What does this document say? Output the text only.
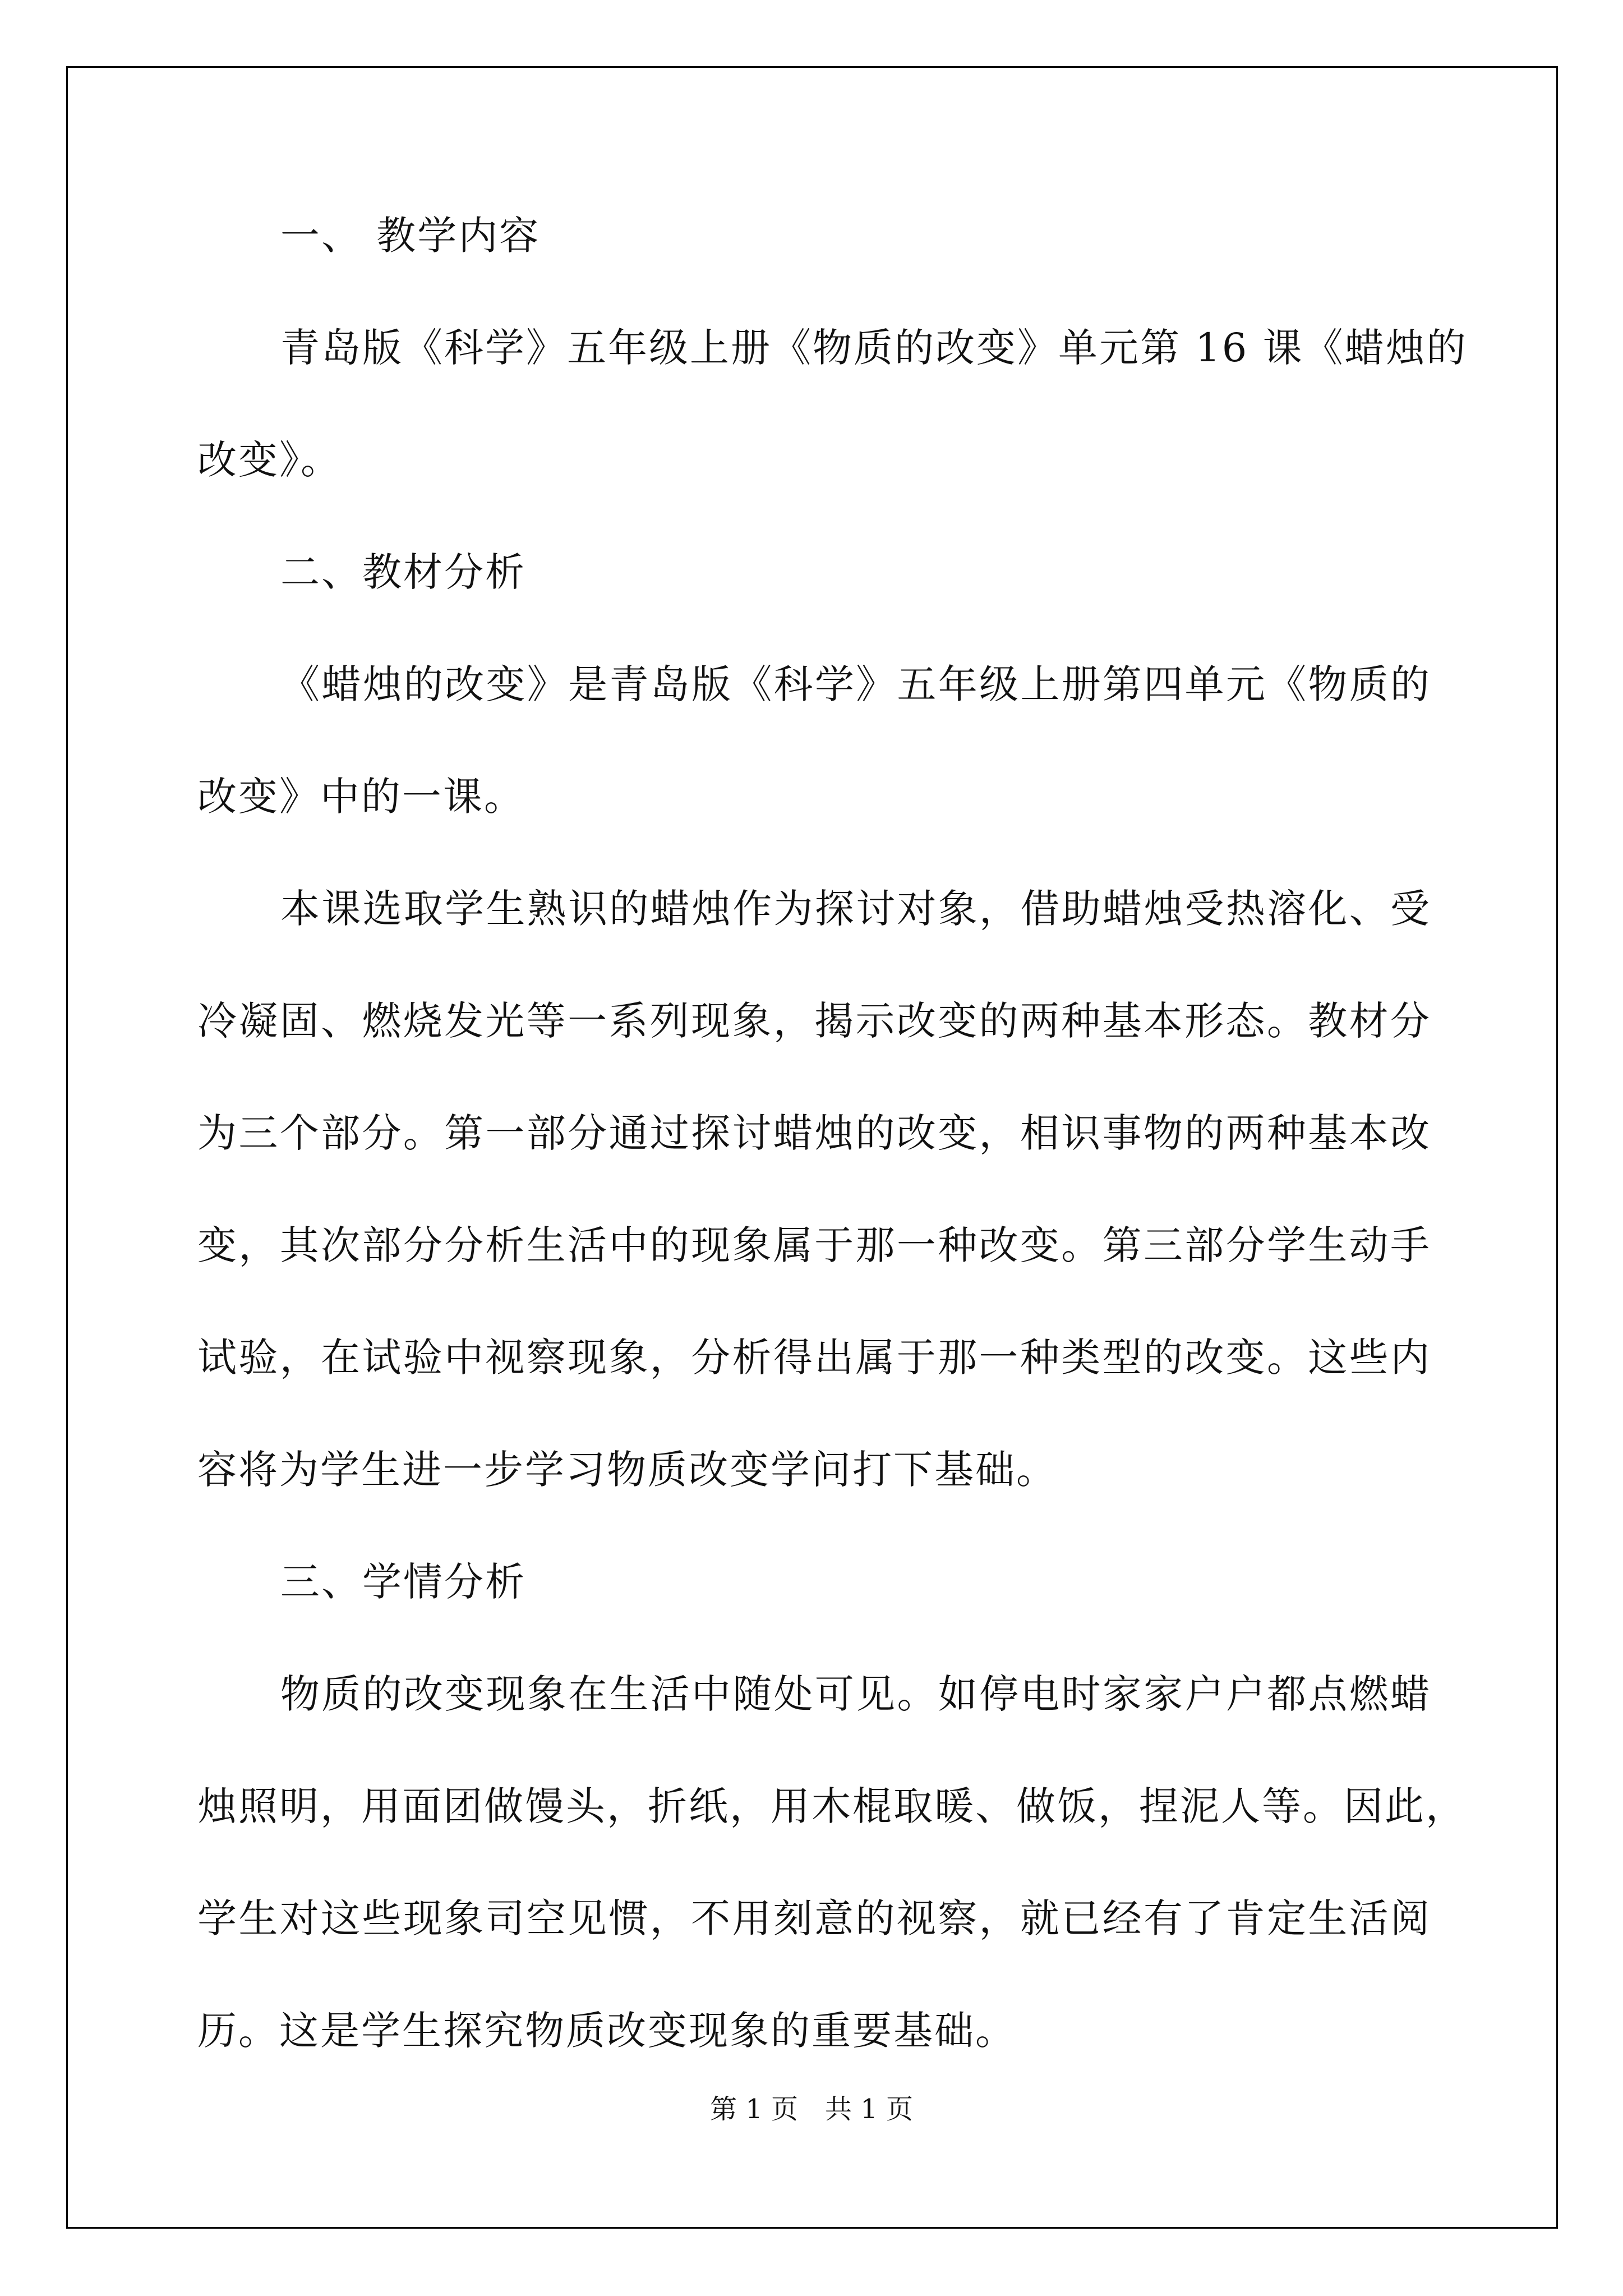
一、 教学内容
青岛版《科学》五年级上册《物质的改变》单元第 16 课《蜡烛的
改变》。
二、教材分析
《蜡烛的改变》是青岛版《科学》五年级上册第四单元《物质的
改变》中的一课。
本课选取学生熟识的蜡烛作为探讨对象，借助蜡烛受热溶化、受
冷凝固、燃烧发光等一系列现象，揭示改变的两种基本形态。教材分
为三个部分。第一部分通过探讨蜡烛的改变，相识事物的两种基本改
变，其次部分分析生活中的现象属于那一种改变。第三部分学生动手
试验，在试验中视察现象，分析得出属于那一种类型的改变。这些内
容将为学生进一步学习物质改变学问打下基础。
三、学情分析
物质的改变现象在生活中随处可见。如停电时家家户户都点燃蜡
烛照明，用面团做馒头，折纸，用木棍取暖、做饭，捏泥人等。因此，
学生对这些现象司空见惯，不用刻意的视察，就已经有了肯定生活阅
历。这是学生探究物质改变现象的重要基础。
第 1 页　共 1 页
